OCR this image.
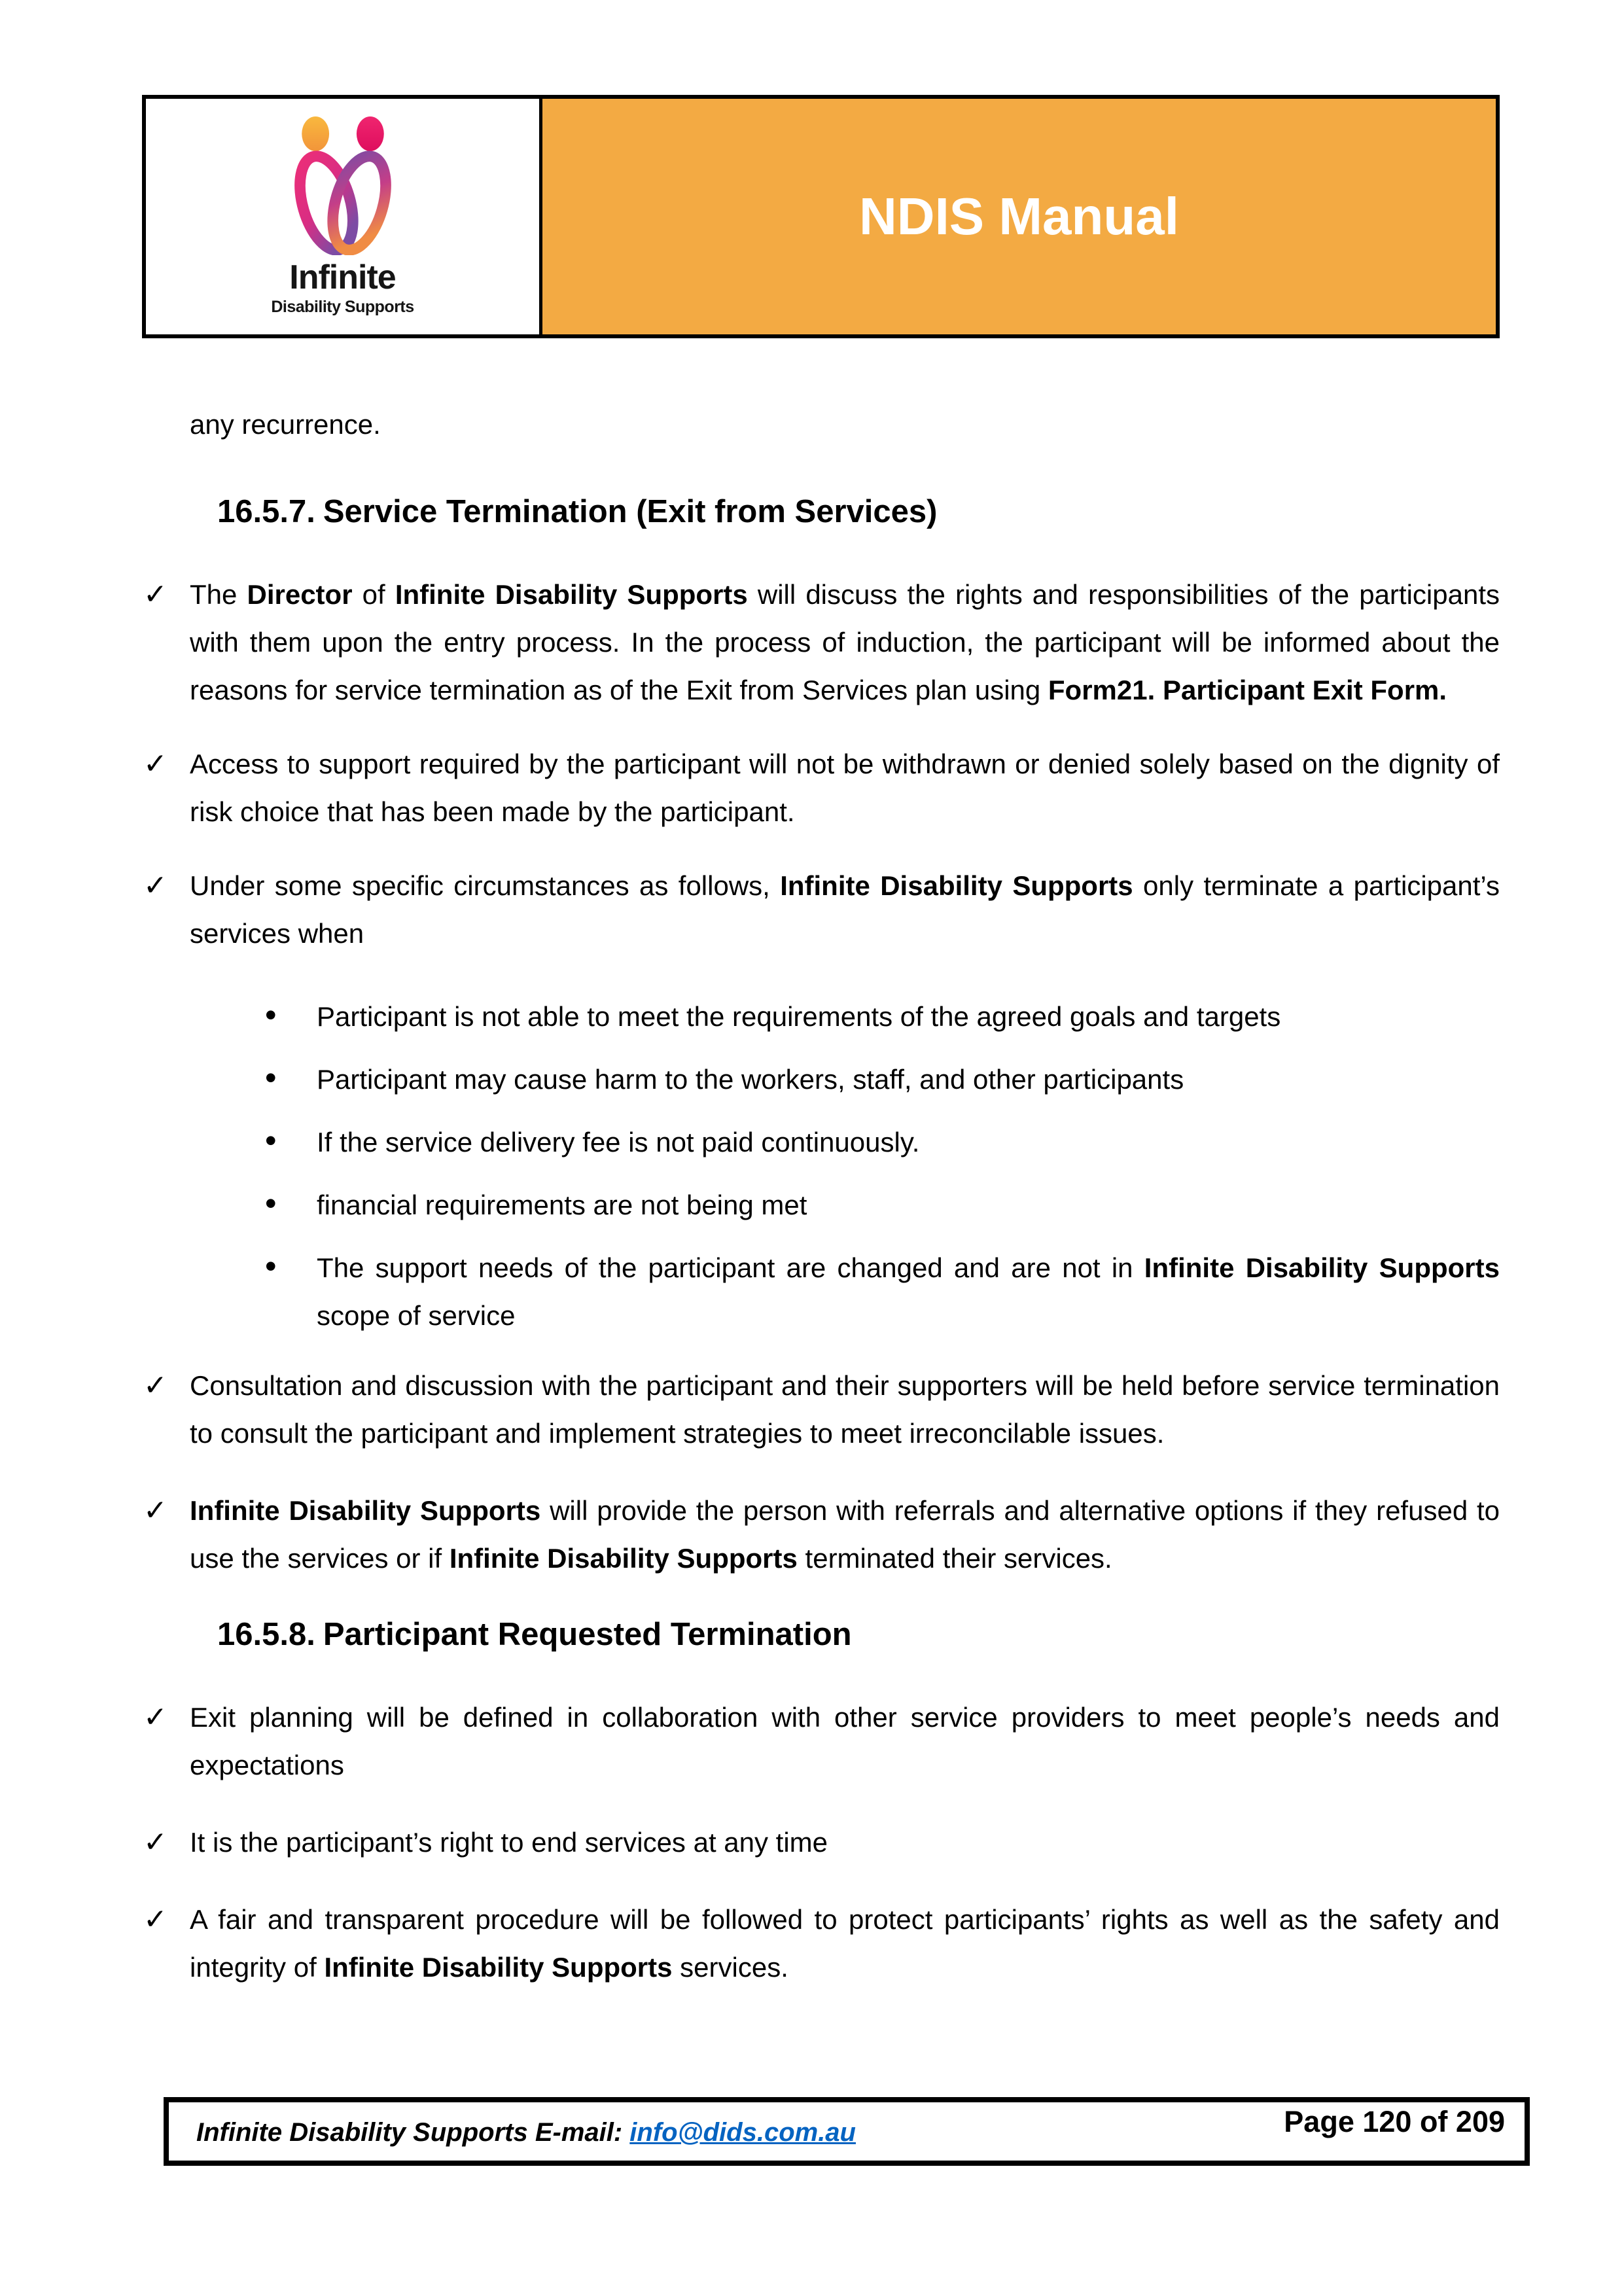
Infinite
Disability Supports
NDIS Manual

any recurrence.

16.5.7. Service Termination (Exit from Services)
✓ The Director of Infinite Disability Supports will discuss the rights and responsibilities of the participants with them upon the entry process. In the process of induction, the participant will be informed about the reasons for service termination as of the Exit from Services plan using Form21. Participant Exit Form.
✓ Access to support required by the participant will not be withdrawn or denied solely based on the dignity of risk choice that has been made by the participant.
✓ Under some specific circumstances as follows, Infinite Disability Supports only terminate a participant’s services when
• Participant is not able to meet the requirements of the agreed goals and targets
• Participant may cause harm to the workers, staff, and other participants
• If the service delivery fee is not paid continuously.
• financial requirements are not being met
• The support needs of the participant are changed and are not in Infinite Disability Supports scope of service
✓ Consultation and discussion with the participant and their supporters will be held before service termination to consult the participant and implement strategies to meet irreconcilable issues.
✓ Infinite Disability Supports will provide the person with referrals and alternative options if they refused to use the services or if Infinite Disability Supports terminated their services.
16.5.8. Participant Requested Termination
✓ Exit planning will be defined in collaboration with other service providers to meet people’s needs and expectations
✓ It is the participant’s right to end services at any time
✓ A fair and transparent procedure will be followed to protect participants’ rights as well as the safety and integrity of Infinite Disability Supports services.
Infinite Disability Supports E-mail: info@dids.com.au	Page 120 of 209
